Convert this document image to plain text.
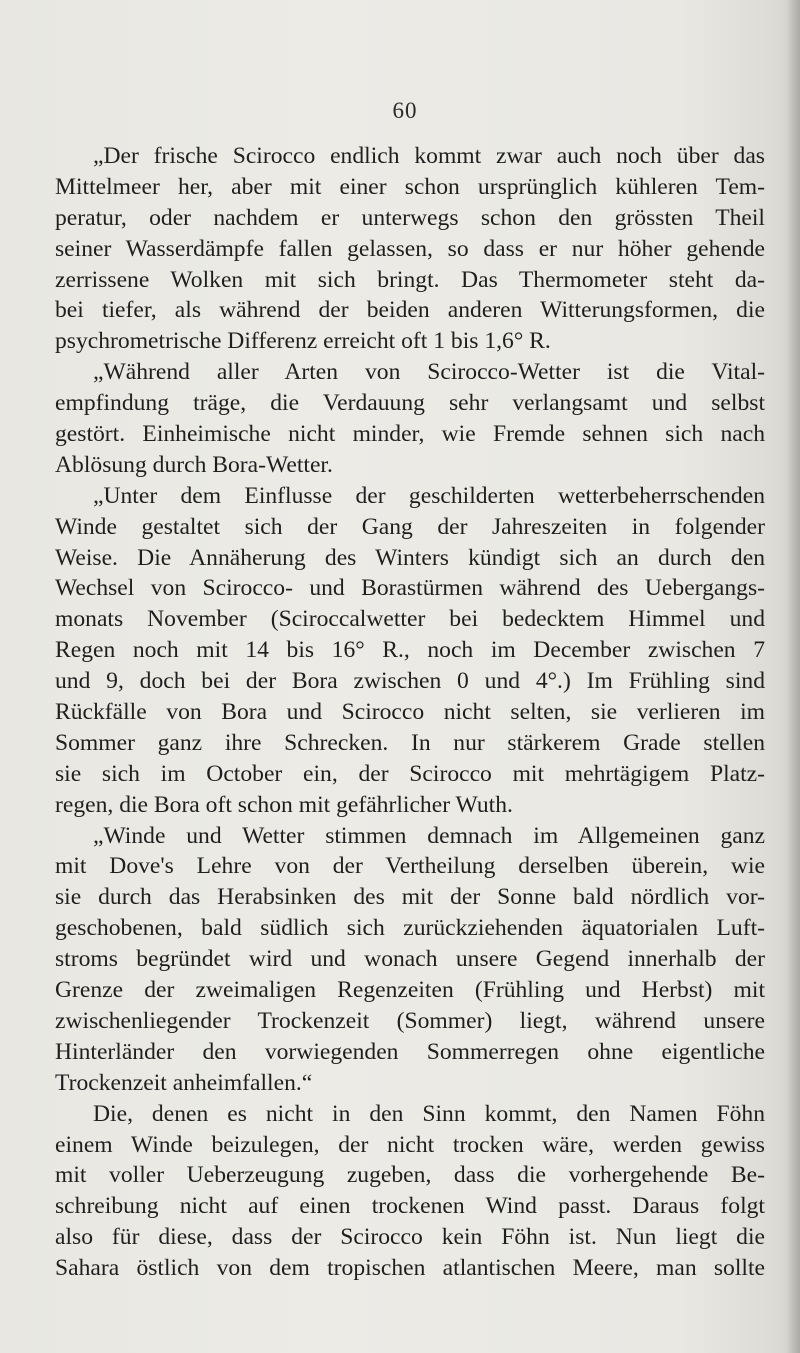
60
„Der frische Scirocco endlich kommt zwar auch noch über das
Mittelmeer her, aber mit einer schon ursprünglich kühleren Tem-
peratur, oder nachdem er unterwegs schon den grössten Theil
seiner Wasserdämpfe fallen gelassen, so dass er nur höher gehende
zerrissene Wolken mit sich bringt. Das Thermometer steht da-
bei tiefer, als während der beiden anderen Witterungsformen, die
psychrometrische Differenz erreicht oft 1 bis 1,6° R.
„Während aller Arten von Scirocco-Wetter ist die Vital-
empfindung träge, die Verdauung sehr verlangsamt und selbst
gestört. Einheimische nicht minder, wie Fremde sehnen sich nach
Ablösung durch Bora-Wetter.
„Unter dem Einflusse der geschilderten wetterbeherrschenden
Winde gestaltet sich der Gang der Jahreszeiten in folgender
Weise. Die Annäherung des Winters kündigt sich an durch den
Wechsel von Scirocco- und Borastürmen während des Uebergangs-
monats November (Sciroccalwetter bei bedecktem Himmel und
Regen noch mit 14 bis 16° R., noch im December zwischen 7
und 9, doch bei der Bora zwischen 0 und 4°.) Im Frühling sind
Rückfälle von Bora und Scirocco nicht selten, sie verlieren im
Sommer ganz ihre Schrecken. In nur stärkerem Grade stellen
sie sich im October ein, der Scirocco mit mehrtägigem Platz-
regen, die Bora oft schon mit gefährlicher Wuth.
„Winde und Wetter stimmen demnach im Allgemeinen ganz
mit Dove's Lehre von der Vertheilung derselben überein, wie
sie durch das Herabsinken des mit der Sonne bald nördlich vor-
geschobenen, bald südlich sich zurückziehenden äquatorialen Luft-
stroms begründet wird und wonach unsere Gegend innerhalb der
Grenze der zweimaligen Regenzeiten (Frühling und Herbst) mit
zwischenliegender Trockenzeit (Sommer) liegt, während unsere
Hinterländer den vorwiegenden Sommerregen ohne eigentliche
Trockenzeit anheimfallen.“
Die, denen es nicht in den Sinn kommt, den Namen Föhn
einem Winde beizulegen, der nicht trocken wäre, werden gewiss
mit voller Ueberzeugung zugeben, dass die vorhergehende Be-
schreibung nicht auf einen trockenen Wind passt. Daraus folgt
also für diese, dass der Scirocco kein Föhn ist. Nun liegt die
Sahara östlich von dem tropischen atlantischen Meere, man sollte
